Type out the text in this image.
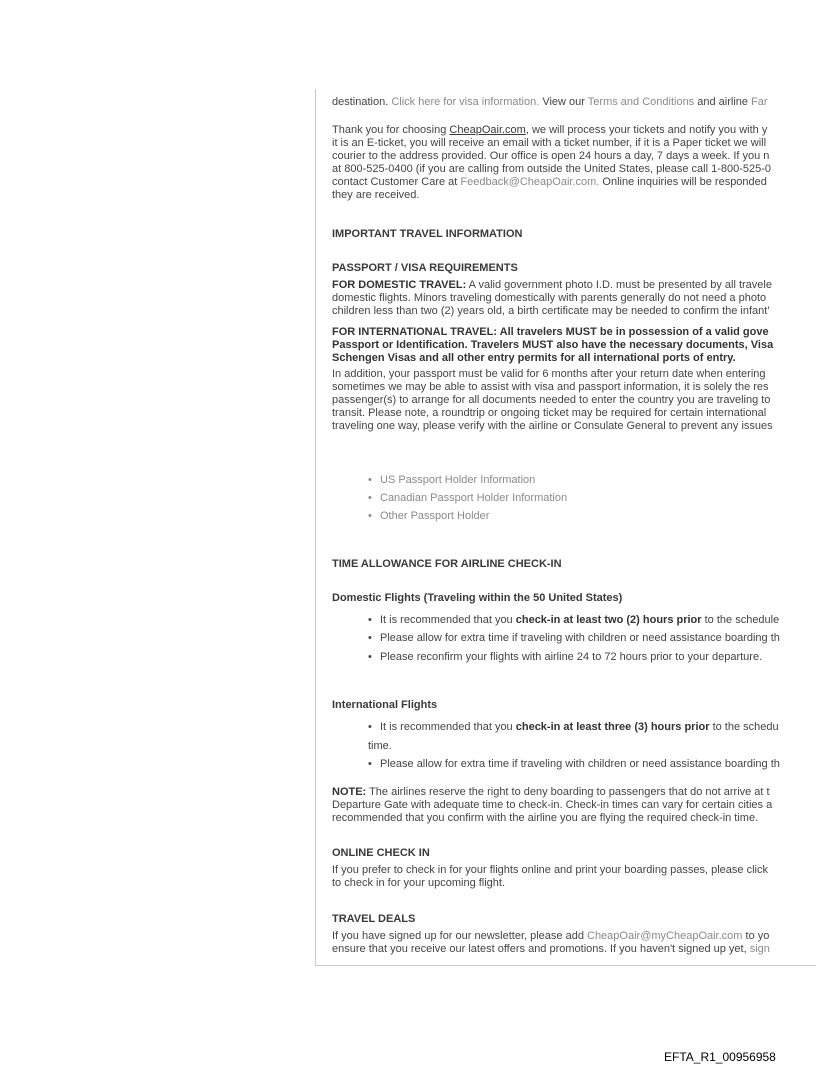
destination. Click here for visa information. View our Terms and Conditions and airline Far

Thank you for choosing CheapOair.com, we will process your tickets and notify you with y
it is an E-ticket, you will receive an email with a ticket number, if it is a Paper ticket we will
courier to the address provided. Our office is open 24 hours a day, 7 days a week. If you n
at 800-525-0400 (if you are calling from outside the United States, please call 1-800-525-0
contact Customer Care at Feedback@CheapOair.com. Online inquiries will be responded
they are received.
IMPORTANT TRAVEL INFORMATION
PASSPORT / VISA REQUIREMENTS
FOR DOMESTIC TRAVEL: A valid government photo I.D. must be presented by all travele
domestic flights. Minors traveling domestically with parents generally do not need a photo
children less than two (2) years old, a birth certificate may be needed to confirm the infant'
FOR INTERNATIONAL TRAVEL: All travelers MUST be in possession of a valid gove
Passport or Identification. Travelers MUST also have the necessary documents, Visa
Schengen Visas and all other entry permits for all international ports of entry.
In addition, your passport must be valid for 6 months after your return date when entering
sometimes we may be able to assist with visa and passport information, it is solely the res
passenger(s) to arrange for all documents needed to enter the country you are traveling to
transit. Please note, a roundtrip or ongoing ticket may be required for certain international
traveling one way, please verify with the airline or Consulate General to prevent any issues
• US Passport Holder Information
• Canadian Passport Holder Information
• Other Passport Holder
TIME ALLOWANCE FOR AIRLINE CHECK-IN
Domestic Flights (Traveling within the 50 United States)
• It is recommended that you check-in at least two (2) hours prior to the schedule
• Please allow for extra time if traveling with children or need assistance boarding th
• Please reconfirm your flights with airline 24 to 72 hours prior to your departure.
International Flights
• It is recommended that you check-in at least three (3) hours prior to the schedu
time.
• Please allow for extra time if traveling with children or need assistance boarding th
NOTE: The airlines reserve the right to deny boarding to passengers that do not arrive at t
Departure Gate with adequate time to check-in. Check-in times can vary for certain cities a
recommended that you confirm with the airline you are flying the required check-in time.
ONLINE CHECK IN
If you prefer to check in for your flights online and print your boarding passes, please click
to check in for your upcoming flight.
TRAVEL DEALS
If you have signed up for our newsletter, please add CheapOair@myCheapOair.com to yo
ensure that you receive our latest offers and promotions. If you haven't signed up yet, sign
EFTA_R1_00956958
